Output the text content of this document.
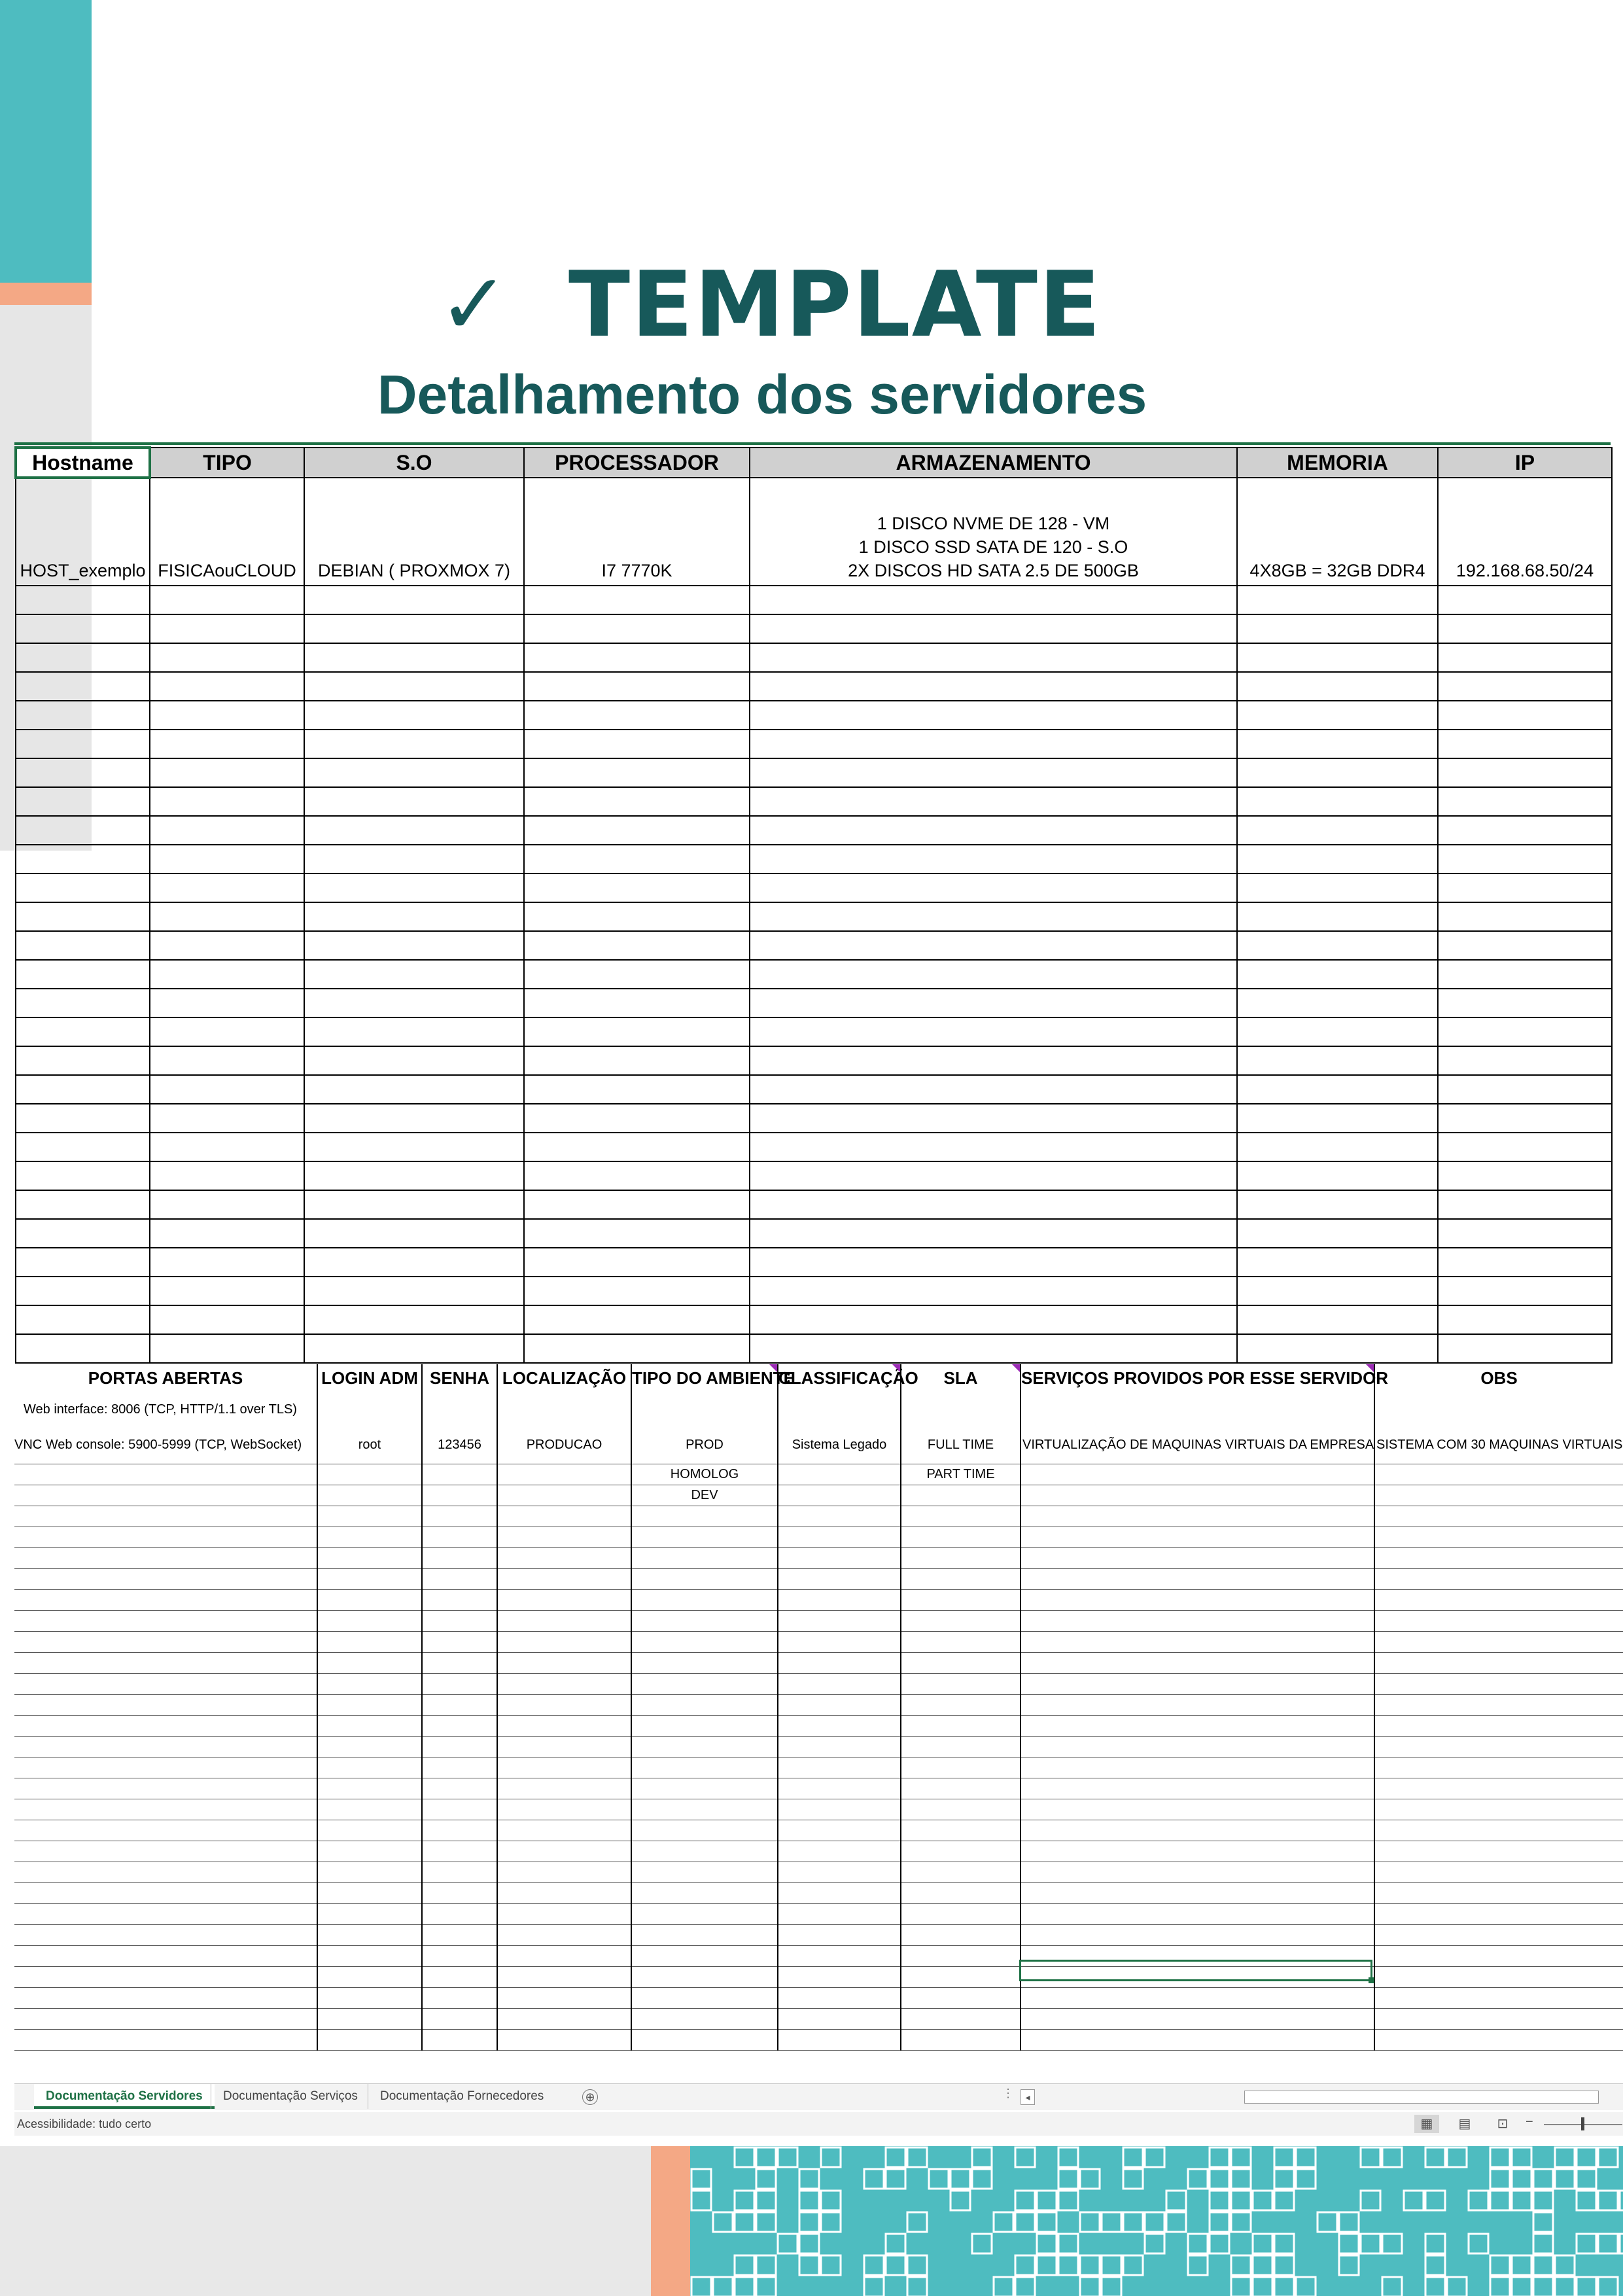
✓ TEMPLATE
Detalhamento dos servidores
Hostname	TIPO	S.O	PROCESSADOR	ARMAZENAMENTO	MEMORIA	IP
HOST_exemplo	FISICAouCLOUD	DEBIAN ( PROXMOX 7)	I7 7770K	1 DISCO NVME DE 128 - VM
1 DISCO SSD SATA DE 120 - S.O
2X DISCOS HD SATA 2.5 DE 500GB	4X8GB = 32GB DDR4	192.168.68.50/24

PORTAS ABERTAS	LOGIN ADM	SENHA	LOCALIZAÇÃO	TIPO DO AMBIENTE	CLASSIFICAÇÃO	SLA	SERVIÇOS PROVIDOS POR ESSE SERVIDOR	OBS

Web interface: 8006 (TCP, HTTP/1.1 over TLS)
VNC Web console: 5900-5999 (TCP, WebSocket)	root	123456	PRODUCAO	PROD	Sistema Legado	FULL TIME	VIRTUALIZAÇÃO DE MAQUINAS VIRTUAIS DA EMPRESA	SISTEMA COM 30 MAQUINAS VIRTUAIS
				HOMOLOG		PART TIME		
				DEV				

Documentação Servidores	Documentação Serviços	Documentação Fornecedores	⊕	⋮	◂
Acessibilidade: tudo certo	▦	▤	⊡	−
